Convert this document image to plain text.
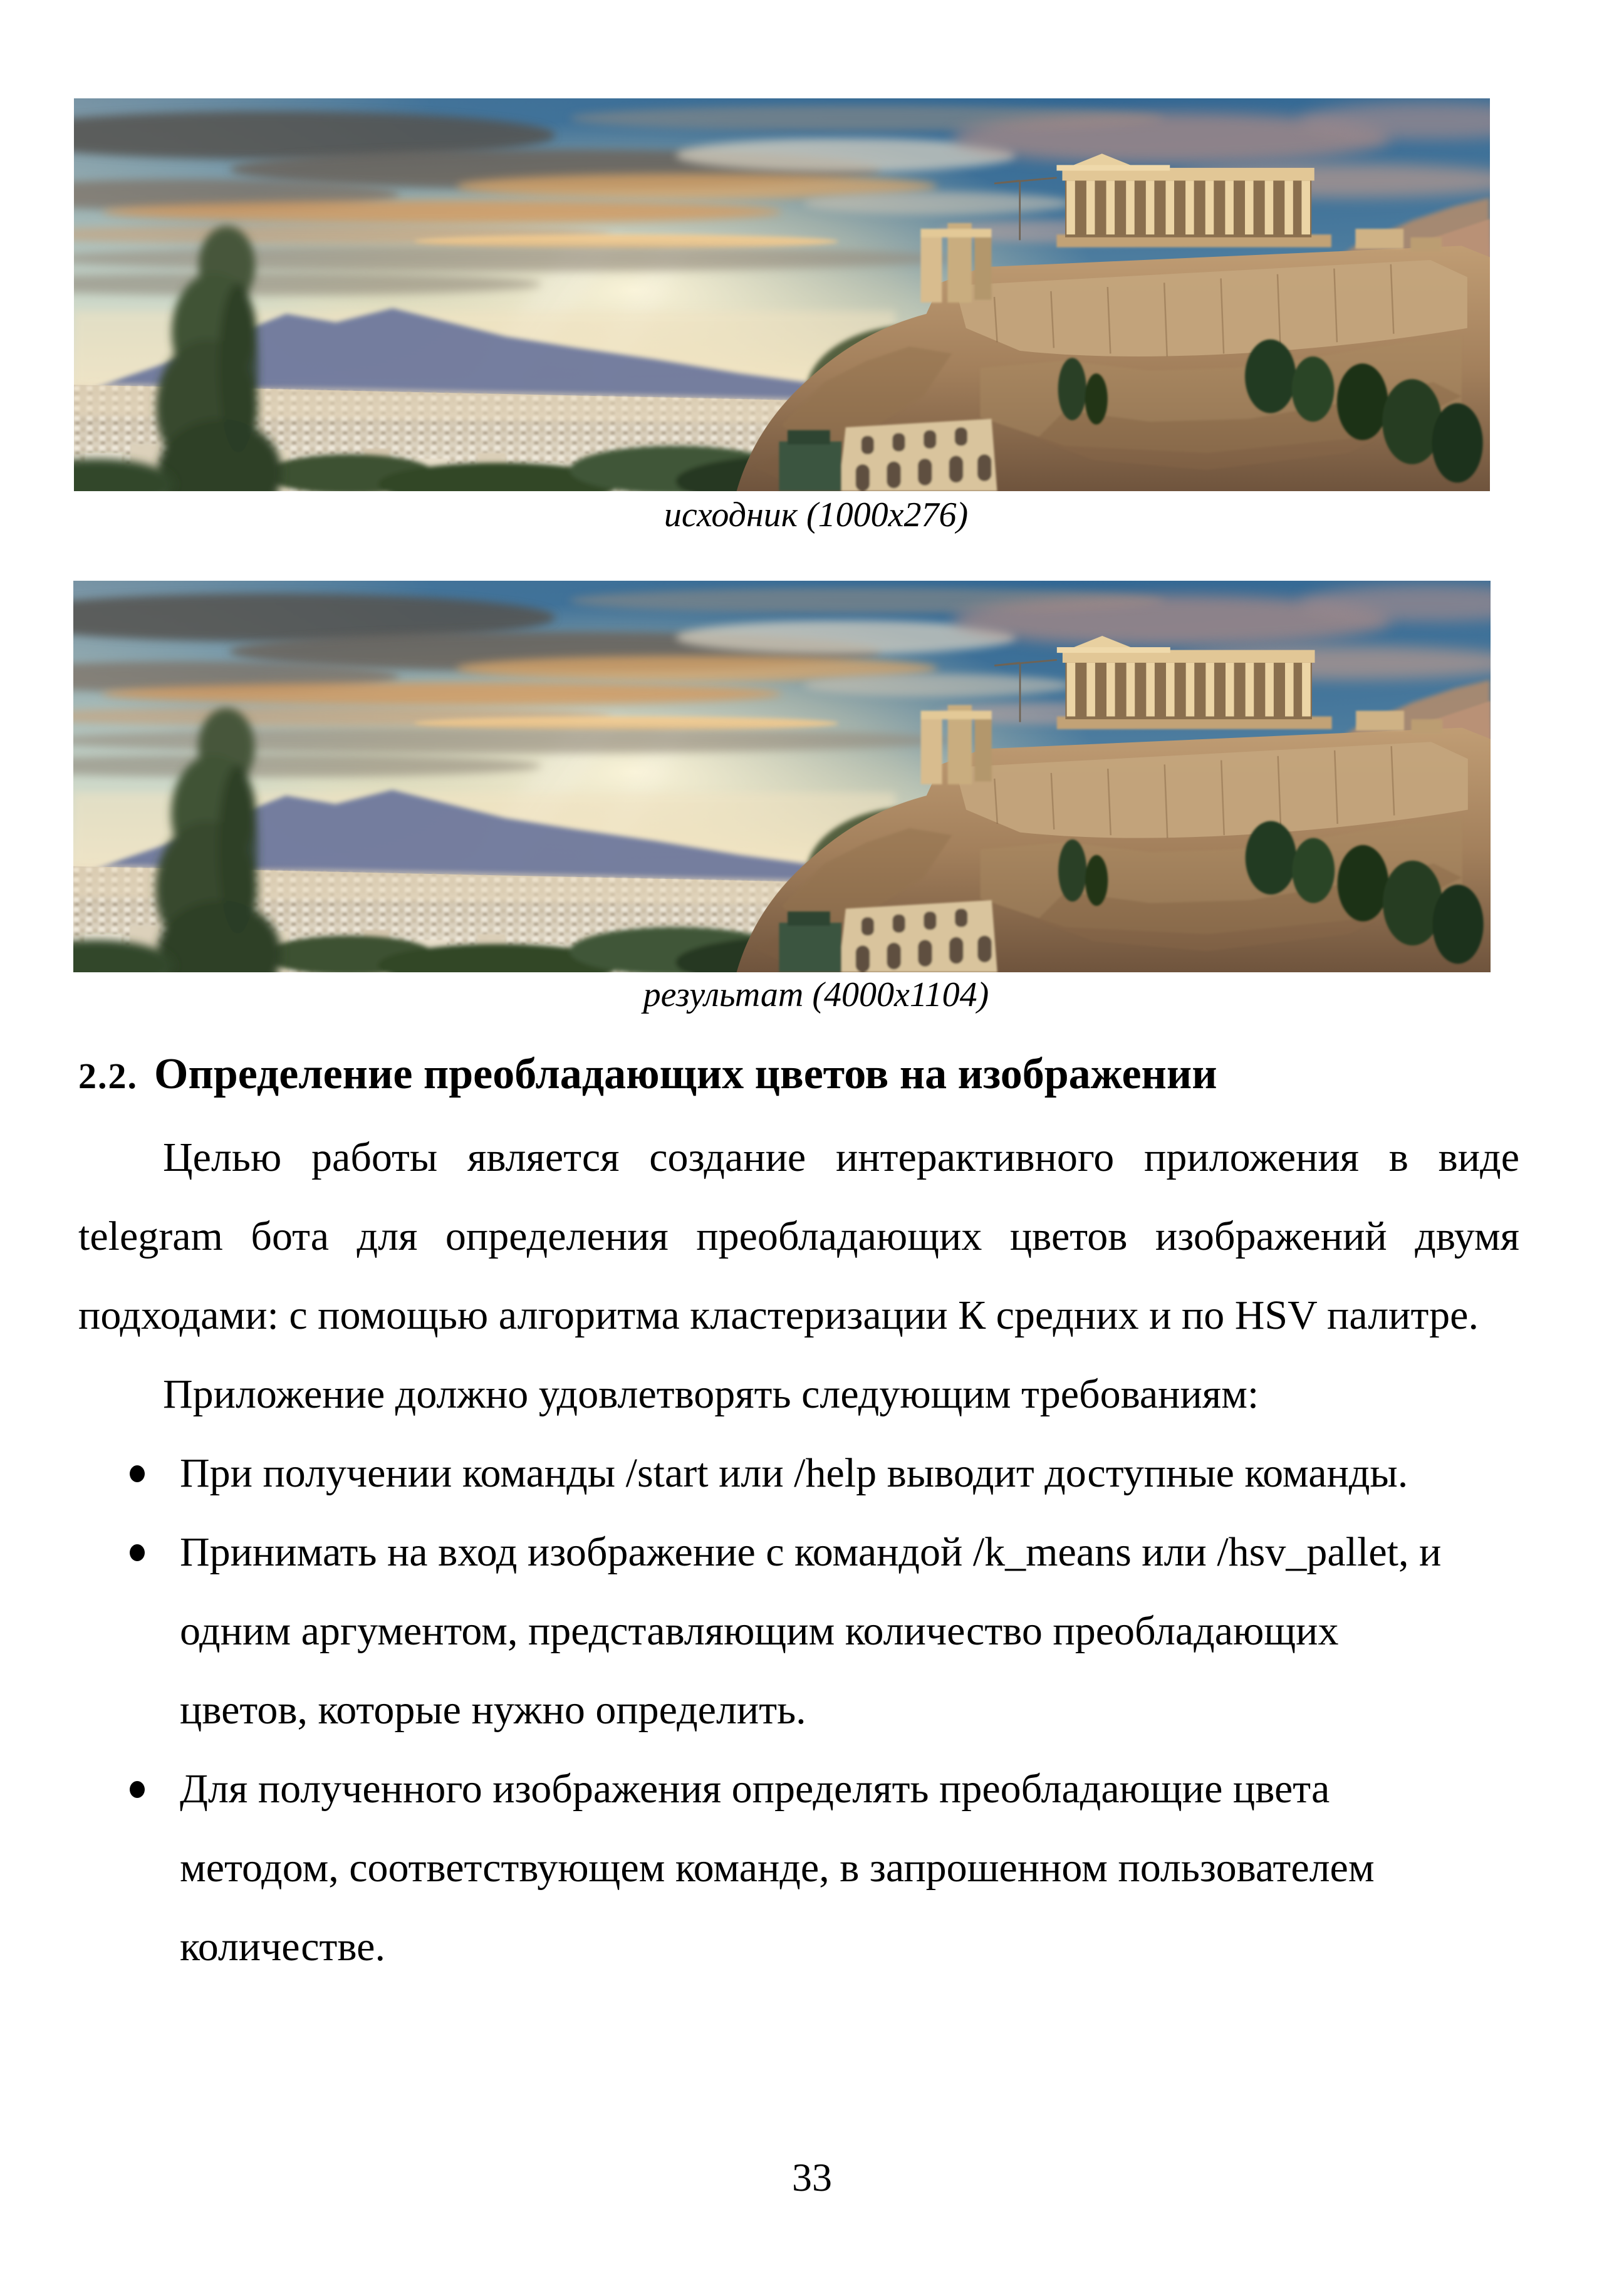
исходник (1000x276)
результат (4000x1104)
2.2. Определение преобладающих цветов на изображении

Целью работы является создание интерактивного приложения в виде telegram бота для определения преобладающих цветов изображений двумя подходами: с помощью алгоритма кластеризации К средних и по HSV палитре.

Приложение должно удовлетворять следующим требованиям:

При получении команды /start или /help выводит доступные команды.
Принимать на вход изображение с командой /k_means или /hsv_pallet, и одним аргументом, представляющим количество преобладающих цветов, которые нужно определить.
Для полученного изображения определять преобладающие цвета методом, соответствующем команде, в запрошенном пользователем количестве.
33
